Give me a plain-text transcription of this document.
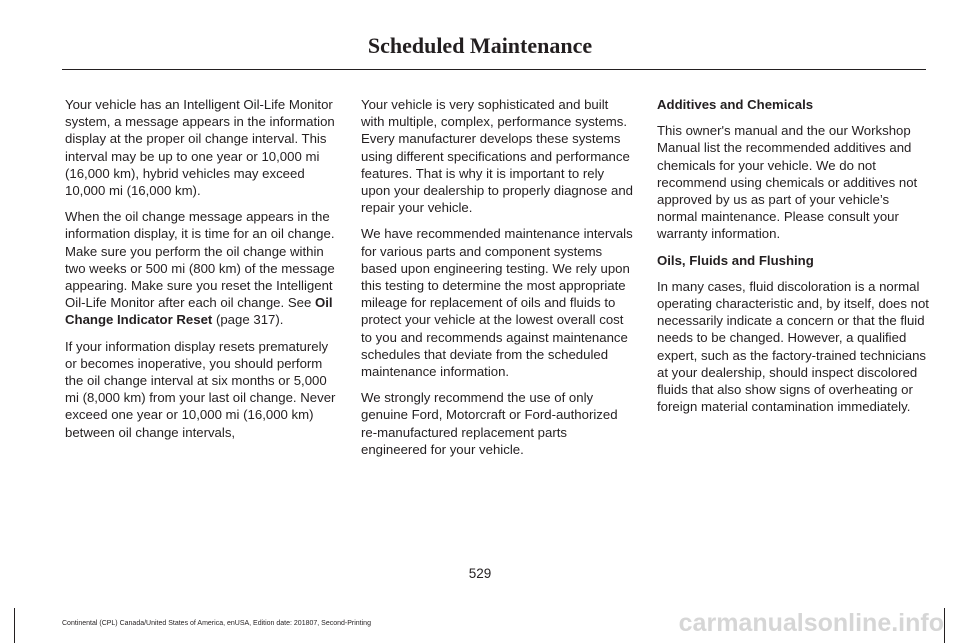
Scheduled Maintenance

Your vehicle has an Intelligent Oil-Life Monitor system, a message appears in the information display at the proper oil change interval. This interval may be up to one year or 10,000 mi (16,000 km), hybrid vehicles may exceed 10,000 mi (16,000 km).

When the oil change message appears in the information display, it is time for an oil change. Make sure you perform the oil change within two weeks or 500 mi (800 km) of the message appearing. Make sure you reset the Intelligent Oil-Life Monitor after each oil change. See Oil Change Indicator Reset (page 317).

If your information display resets prematurely or becomes inoperative, you should perform the oil change interval at six months or 5,000 mi (8,000 km) from your last oil change. Never exceed one year or 10,000 mi (16,000 km) between oil change intervals,

Your vehicle is very sophisticated and built with multiple, complex, performance systems. Every manufacturer develops these systems using different specifications and performance features. That is why it is important to rely upon your dealership to properly diagnose and repair your vehicle.

We have recommended maintenance intervals for various parts and component systems based upon engineering testing. We rely upon this testing to determine the most appropriate mileage for replacement of oils and fluids to protect your vehicle at the lowest overall cost to you and recommends against maintenance schedules that deviate from the scheduled maintenance information.

We strongly recommend the use of only genuine Ford, Motorcraft or Ford-authorized re-manufactured replacement parts engineered for your vehicle.

Additives and Chemicals

This owner's manual and the our Workshop Manual list the recommended additives and chemicals for your vehicle. We do not recommend using chemicals or additives not approved by us as part of your vehicle’s normal maintenance. Please consult your warranty information.

Oils, Fluids and Flushing

In many cases, fluid discoloration is a normal operating characteristic and, by itself, does not necessarily indicate a concern or that the fluid needs to be changed. However, a qualified expert, such as the factory-trained technicians at your dealership, should inspect discolored fluids that also show signs of overheating or foreign material contamination immediately.

529
Continental (CPL) Canada/United States of America, enUSA, Edition date: 201807, Second-Printing	carmanualsonline.info
